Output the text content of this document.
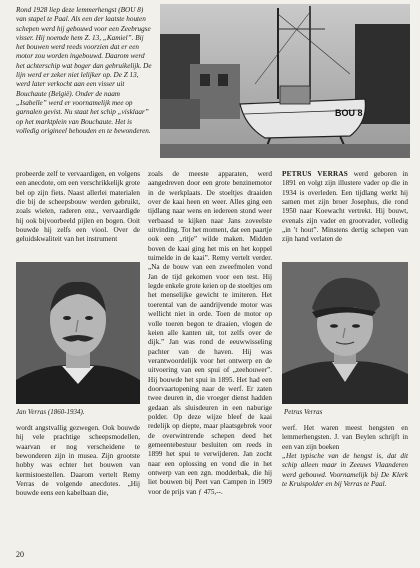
Rond 1928 liep deze lemmerhengst (BOU 8) van stapel te Paal. Als een der laatste houten schepen werd hij gebouwd voor een Zeebrugse visser. Hij noemde hem Z. 13, „Kamiel”. Bij het bouwen werd reeds voorzien dat er een motor zou worden ingebouwd. Daarom werd het achterschip wat boger dan gebruikelijk. De lijn werd er zeker niet lelijker op. De Z 13, werd later verkocht aan een visser uit Bouchaute (België). Onder de naam „Isabelle” werd er voornamelijk mee op garnalen gevist. Nu staat het schip „visklaar” op het marktplein van Bouchaute. Het is volledig origineel behouden en te bewonderen.

BOU 8

probeerde zelf te vervaardigen, en volgens een anecdote, om een verschrikkelijk grote bel op zijn fiets. Naast allerlei materialen die bij de scheepsbouw werden gebruikt, zoals wielen, raderen enz., vervaardigde hij ook bijvoorbeeld pijlen en bogen. Ooit bouwde hij zelfs een viool. Over de geluidskwaliteit van het instrument

Jan Verras (1860-1934).

wordt angstvallig gezwegen. Ook bouwde hij vele prachtige scheepsmodellen, waarvan er nog verscheidene te bewonderen zijn in musea. Zijn grootste hobby was echter het bouwen van kermistoestellen. Daarom vertelt Remy Verras de volgende anecdotes. „Hij bouwde eens een kabelbaan die,

zoals de meeste apparaten, werd aangedreven door een grote benzinemotor in de werkplaats. De stoeltjes draaiden over de kaai heen en weer. Alles ging een tijdlang naar wens en iedereen stond weer verbaasd te kijken naar Jans zoveelste uitvinding. Tot het moment, dat een paartje ook een „ritje” wilde maken. Midden boven de kaai ging het mis en het koppel tuimelde in de kaai”. Remy vertelt verder. „Na de bouw van een zweefmolen vond Jan de tijd gekomen voor een test. Hij legde enkele grote keien op de stoeltjes om het menselijke gewicht te imiteren. Het toerental van de aandrijvende motor was wellicht niet in orde. Toen de motor op volle toeren begon te draaien, vlogen de keien alle kanten uit, tot zelfs over de dijk.” Jan was rond de eeuwwisseling pachter van de haven. Hij was verantwoordelijk voor het ontwerp en de uitvoering van een spui of „zeehouwer”. Hij bouwde het spui in 1895. Het had een doorvaartopening naar de werf. Er zaten twee deuren in, die vroeger dienst hadden gedaan als sluisdeuren in een naburige polder. Op deze wijze bleef de kaai redelijk op diepte, maar plaatsgebrek voor de overwintrende schepen deed het gemeentebestuur besluiten om reeds in 1899 het spui te verwijderen. Jan zocht naar een oplossing en vond die in het ontwerp van een zgn. modderbak, die hij liet bouwen bij Peet van Campen in 1909 voor de prijs van ƒ 475,--.

PETRUS VERRAS werd geboren in 1891 en volgt zijn illustere vader op die in 1934 is overleden. Een tijdlang werkt hij samen met zijn broer Josephus, die rond 1950 naar Koewacht vertrekt. Hij bouwt, evenals zijn vader en grootvader, volledig „in 't hout”. Minstens dertig schepen van zijn hand verlaten de

Petrus Verras

werf. Het waren meest hengsten en lemmerhengsten. J. van Beylen schrijft in een van zijn boeken

„Het typische van de hengst is, dat dit schip alleen maar in Zeeuws Vlaanderen werd gebouwd. Voornamelijk bij De Klerk te Kruispolder en bij Verras te Paal.

20
